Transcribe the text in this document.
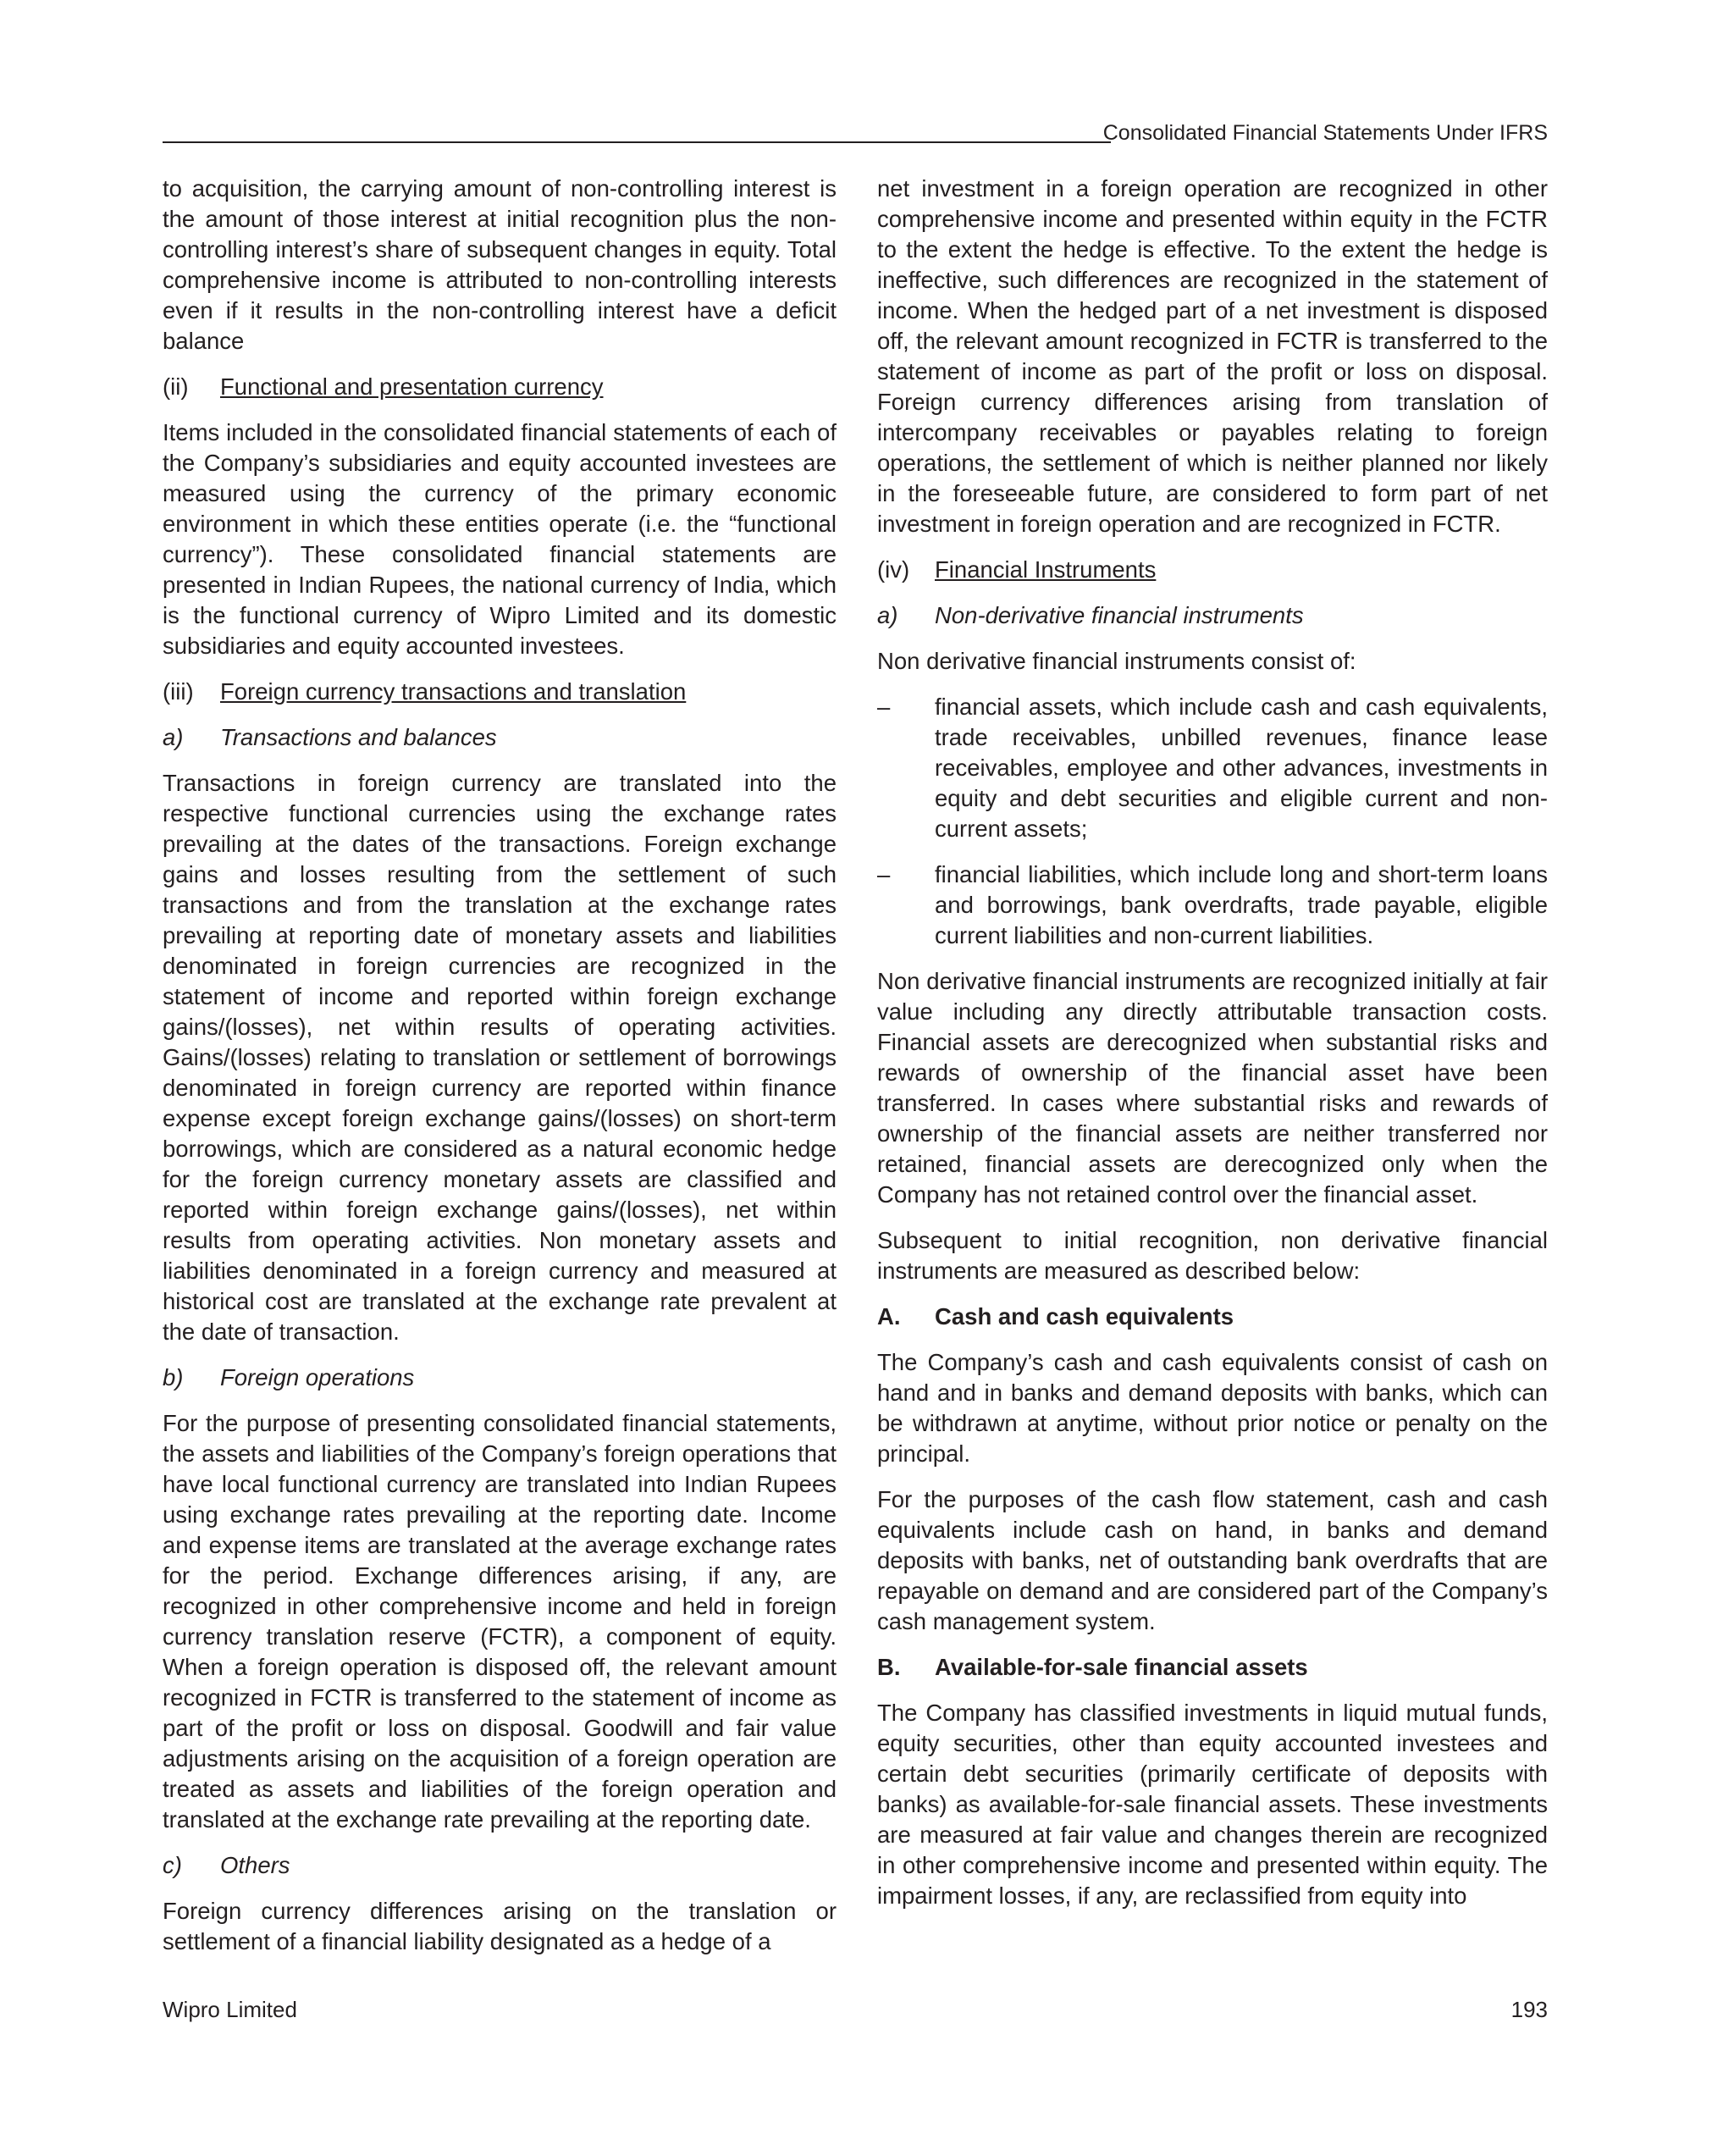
Consolidated Financial Statements Under IFRS

to acquisition, the carrying amount of non-controlling interest is the amount of those interest at initial recognition plus the non-controlling interest’s share of subsequent changes in equity. Total comprehensive income is attributed to non-controlling interests even if it results in the non-controlling interest have a deficit balance

(ii)	Functional and presentation currency

Items included in the consolidated financial statements of each of the Company’s subsidiaries and equity accounted investees are measured using the currency of the primary economic environment in which these entities operate (i.e. the “functional currency”). These consolidated financial statements are presented in Indian Rupees, the national currency of India, which is the functional currency of Wipro Limited and its domestic subsidiaries and equity accounted investees.

(iii)	Foreign currency transactions and translation
a)	Transactions and balances

Transactions in foreign currency are translated into the respective functional currencies using the exchange rates prevailing at the dates of the transactions. Foreign exchange gains and losses resulting from the settlement of such transactions and from the translation at the exchange rates prevailing at reporting date of monetary assets and liabilities denominated in foreign currencies are recognized in the statement of income and reported within foreign exchange gains/(losses), net within results of operating activities. Gains/(losses) relating to translation or settlement of borrowings denominated in foreign currency are reported within finance expense except foreign exchange gains/(losses) on short-term borrowings, which are considered as a natural economic hedge for the foreign currency monetary assets are classified and reported within foreign exchange gains/(losses), net within results from operating activities. Non monetary assets and liabilities denominated in a foreign currency and measured at historical cost are translated at the exchange rate prevalent at the date of transaction.

b)	Foreign operations

For the purpose of presenting consolidated financial statements, the assets and liabilities of the Company’s foreign operations that have local functional currency are translated into Indian Rupees using exchange rates prevailing at the reporting date. Income and expense items are translated at the average exchange rates for the period. Exchange differences arising, if any, are recognized in other comprehensive income and held in foreign currency translation reserve (FCTR), a component of equity. When a foreign operation is disposed off, the relevant amount recognized in FCTR is transferred to the statement of income as part of the profit or loss on disposal. Goodwill and fair value adjustments arising on the acquisition of a foreign operation are treated as assets and liabilities of the foreign operation and translated at the exchange rate prevailing at the reporting date.

c)	Others

Foreign currency differences arising on the translation or settlement of a financial liability designated as a hedge of a

net investment in a foreign operation are recognized in other comprehensive income and presented within equity in the FCTR to the extent the hedge is effective. To the extent the hedge is ineffective, such differences are recognized in the statement of income. When the hedged part of a net investment is disposed off, the relevant amount recognized in FCTR is transferred to the statement of income as part of the profit or loss on disposal. Foreign currency differences arising from translation of intercompany receivables or payables relating to foreign operations, the settlement of which is neither planned nor likely in the foreseeable future, are considered to form part of net investment in foreign operation and are recognized in FCTR.

(iv)	Financial Instruments
a)	Non-derivative financial instruments

Non derivative financial instruments consist of:

–	financial assets, which include cash and cash equivalents, trade receivables, unbilled revenues, finance lease receivables, employee and other advances, investments in equity and debt securities and eligible current and non-current assets;
–	financial liabilities, which include long and short-term loans and borrowings, bank overdrafts, trade payable, eligible current liabilities and non-current liabilities.

Non derivative financial instruments are recognized initially at fair value including any directly attributable transaction costs. Financial assets are derecognized when substantial risks and rewards of ownership of the financial asset have been transferred. In cases where substantial risks and rewards of ownership of the financial assets are neither transferred nor retained, financial assets are derecognized only when the Company has not retained control over the financial asset.

Subsequent to initial recognition, non derivative financial instruments are measured as described below:

A.	Cash and cash equivalents

The Company’s cash and cash equivalents consist of cash on hand and in banks and demand deposits with banks, which can be withdrawn at anytime, without prior notice or penalty on the principal.

For the purposes of the cash flow statement, cash and cash equivalents include cash on hand, in banks and demand deposits with banks, net of outstanding bank overdrafts that are repayable on demand and are considered part of the Company’s cash management system.

B.	Available-for-sale financial assets

The Company has classified investments in liquid mutual funds, equity securities, other than equity accounted investees and certain debt securities (primarily certificate of deposits with banks) as available-for-sale financial assets. These investments are measured at fair value and changes therein are recognized in other comprehensive income and presented within equity. The impairment losses, if any, are reclassified from equity into

Wipro Limited	193
